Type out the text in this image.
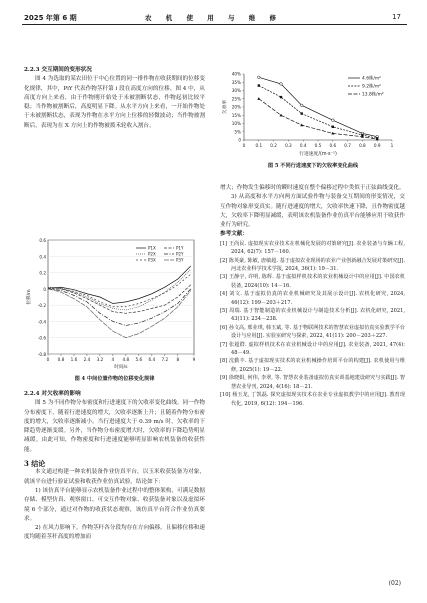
2025 年第 6 期	农 机 使 用 与 维 修	17

2.2.3 交互期间的变形状况

图 4 为选取的某农田位于中心位置的同一排作物在收获期间的位移变化规律，其中，PiY 代表作物茎秆第 i 段在高度方向的位移。图 4 中，从高度方向上来看，由于作物刚开始处于未被割断状态，作物起初比较平稳；当作物被割断后，高度明显下降。从水平方向上来看，一开始作物处于未被割断状态，表现为作物在水平方向上位移的轻微波动；当作物被割断后，表现为在 X 方向上的作物被拨禾轮收入割台。

-0.8
-0.6
-0.4
-0.2
0
0.2
0.4
0.6
0 0.8 1.6 2.4 3.2 4 4.8 5.6 6.4 7.2 8	9
时间/s
位移/m
P1X	P1Y
P2X	P2Y
P3X	P3Y
图 4 中间位置作物的位移变化规律

2.2.4 对欠收率的影响

图 5 为不同作物分布密度和行进速度下的欠收率变化曲线。同一作物分布密度下，随着行进速度的增大，欠收率逐渐上升；且随着作物分布密度的增大，欠收率逐渐减小。当行进速度大于 0.39 m/s 时，欠收率的下降趋势逐渐变缓。另外，当作物分布密度增大时，欠收率的下降趋势明显减缓。由此可知，作物密度和行进速度能够明显影响农机装备的收获性能。

3 结论

本文通过构建一种农机装备作业仿真平台，以玉米收获装备为对象，就该平台进行验证试验和收获作业仿真试验，结论如下：

1) 该仿真平台能够显示农机装备作业过程中的整体架构，可满足数据存储、模型仿真、观察窗口、可交互作物对象、收获装备对象以及虚拟环境 6 个部分，通过对作物的收获状态观察，该仿真平台符合作业仿真要求。

2) 在风力影响下，作物茎秆各分段均存在方向偏移，且偏移位移和速度均随着茎秆高度的增加而

0
5%
10%
15%
20%
25%
30%
35%
40%
0 0.1 0.2 0.3 0.4 0.5 0.6 0.7 0.8 0.9 1
行进速度/(m·s⁻¹)
欠收率
4.6株/m²
9.2株/m²
13.8株/m²
图 5 不同行进速度下的欠收率变化曲线

增大；作物发生偏移时的瞬时速度在整个偏移过程中类似于正弦曲线变化。

3) 从高度和水平方向两方面试验作物与装备交互期间的形变情况，交互作物对象形变真实。随行进速度的增大，欠收率快速下降，且作物密度越大，欠收率下降明显减缓，表明该农机装备作业仿真平台能够应用于收获作业行为研究。

参考文献：

[1] 王尚民. 虚拟现实农业技术在机械化发展的对策研究[J]. 农业装备与车辆工程, 2024, 62(7): 157－160.

[2] 陈英豪, 陈敏, 唐敏超. 基于虚拟农业现场的农业产业创新融合发展对策研究[J]. 河北农业科学技术学报, 2024, 36(1): 19－31.

[3] 王静宇, 许明, 陈辉. 基于虚拟样机技术的农业机械设计中的应用[J]. 中国农机装备, 2024(10): 14－16.

[4] 刘文. 基于虚拟仿真的农业机械研究及其展示设计[J]. 农机化研究, 2024, 46(12): 199－203＋217.

[5] 周瑞. 基于智能制造的农业机械设计与制造技术分析[J]. 农机化研究, 2021, 43(11): 234－238.

[6] 孙文高, 邢业琪, 韩玉斌, 等. 基于物联网技术的智慧农业虚拟仿真实验教学平台设计与应用[J]. 实验室研究与探索, 2022, 41(11): 200－203＋227.

[7] 张超群. 虚拟样机技术在农业机械设计中的应用[J]. 农业装备, 2021, 47(4): 48－49.

[8] 沈勤丰. 基于虚拟现实技术的农业机械操作培训平台的构建[J]. 农机使用与维修, 2025(1): 19－22.

[9] 徐晓娟, 何伟, 李翠, 等. 智慧农业装备虚拟仿真实训基地建设研究与实践[J]. 智慧农业导刊, 2024, 4(16): 18－21.

[10] 杨玉龙, 丁凯磊. 探究虚拟现实技术在农业专业虚拟教学中的应用[J]. 教育现代化, 2019, 6(12): 194－196.

(02)
